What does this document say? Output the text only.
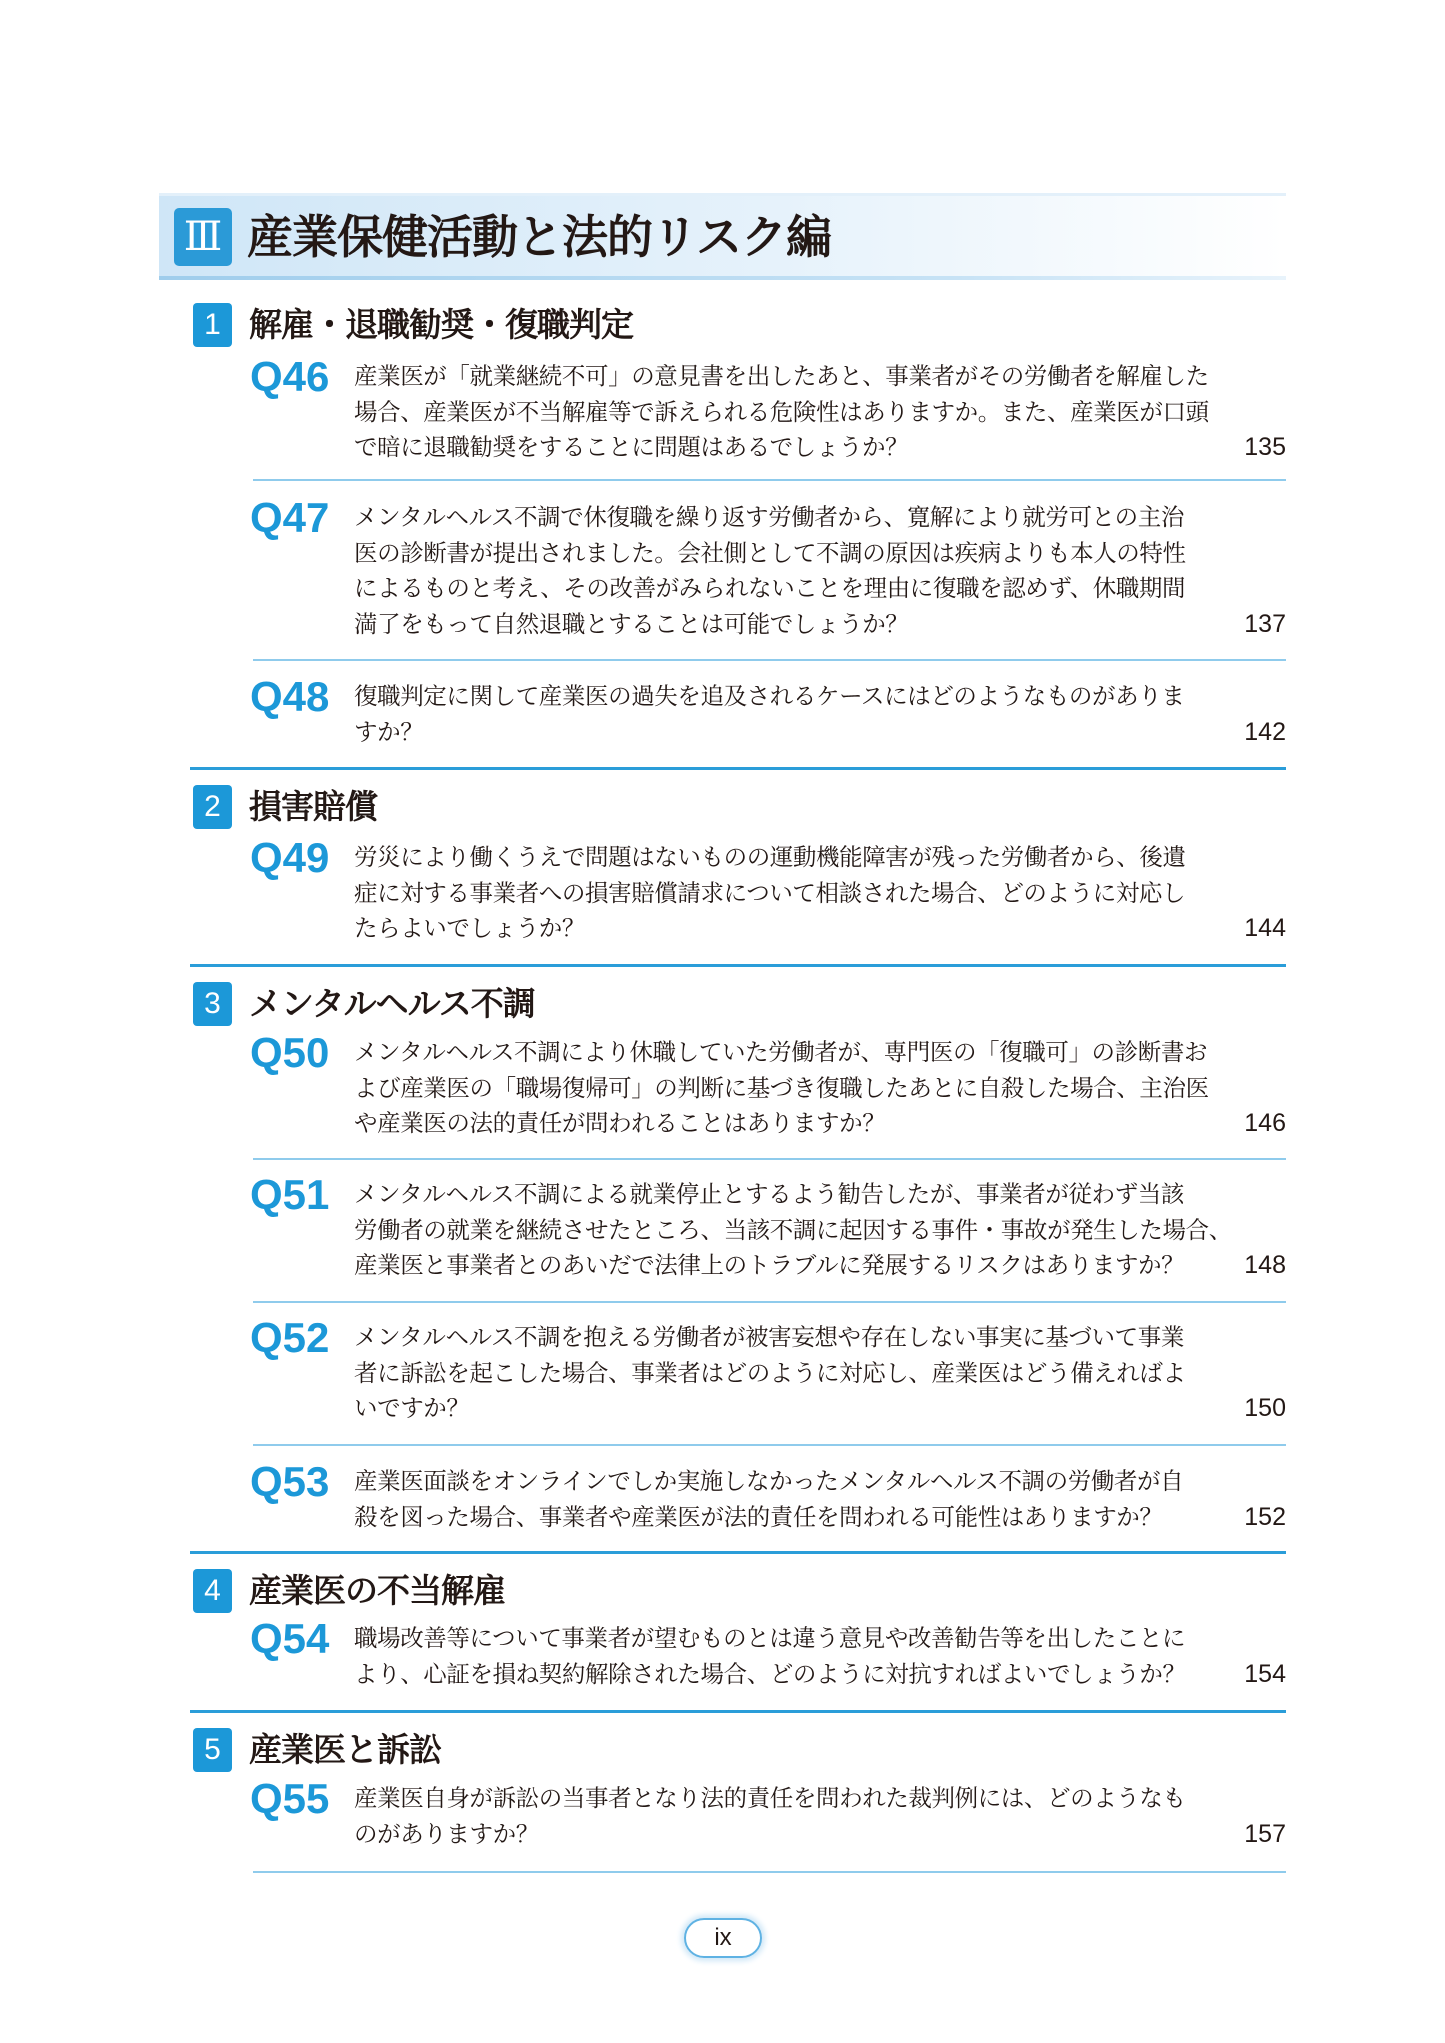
Ⅲ 産業保健活動と法的リスク編
1 解雇・退職勧奨・復職判定
Q46 産業医が「就業継続不可」の意見書を出したあと、事業者がその労働者を解雇した
場合、産業医が不当解雇等で訴えられる危険性はありますか。また、産業医が口頭
で暗に退職勧奨をすることに問題はあるでしょうか？	135
Q47 メンタルヘルス不調で休復職を繰り返す労働者から、寛解により就労可との主治
医の診断書が提出されました。会社側として不調の原因は疾病よりも本人の特性
によるものと考え、その改善がみられないことを理由に復職を認めず、休職期間
満了をもって自然退職とすることは可能でしょうか？	137
Q48 復職判定に関して産業医の過失を追及されるケースにはどのようなものがありま
すか？	142
2 損害賠償
Q49 労災により働くうえで問題はないものの運動機能障害が残った労働者から、後遺
症に対する事業者への損害賠償請求について相談された場合、どのように対応し
たらよいでしょうか？	144
3 メンタルヘルス不調
Q50 メンタルヘルス不調により休職していた労働者が、専門医の「復職可」の診断書お
よび産業医の「職場復帰可」の判断に基づき復職したあとに自殺した場合、主治医
や産業医の法的責任が問われることはありますか？	146
Q51 メンタルヘルス不調による就業停止とするよう勧告したが、事業者が従わず当該
労働者の就業を継続させたところ、当該不調に起因する事件・事故が発生した場合、
産業医と事業者とのあいだで法律上のトラブルに発展するリスクはありますか？	148
Q52 メンタルヘルス不調を抱える労働者が被害妄想や存在しない事実に基づいて事業
者に訴訟を起こした場合、事業者はどのように対応し、産業医はどう備えればよ
いですか？	150
Q53 産業医面談をオンラインでしか実施しなかったメンタルヘルス不調の労働者が自
殺を図った場合、事業者や産業医が法的責任を問われる可能性はありますか？	152
4 産業医の不当解雇
Q54 職場改善等について事業者が望むものとは違う意見や改善勧告等を出したことに
より、心証を損ね契約解除された場合、どのように対抗すればよいでしょうか？ 154
5 産業医と訴訟
Q55 産業医自身が訴訟の当事者となり法的責任を問われた裁判例には、どのようなも
のがありますか？	157
ix
